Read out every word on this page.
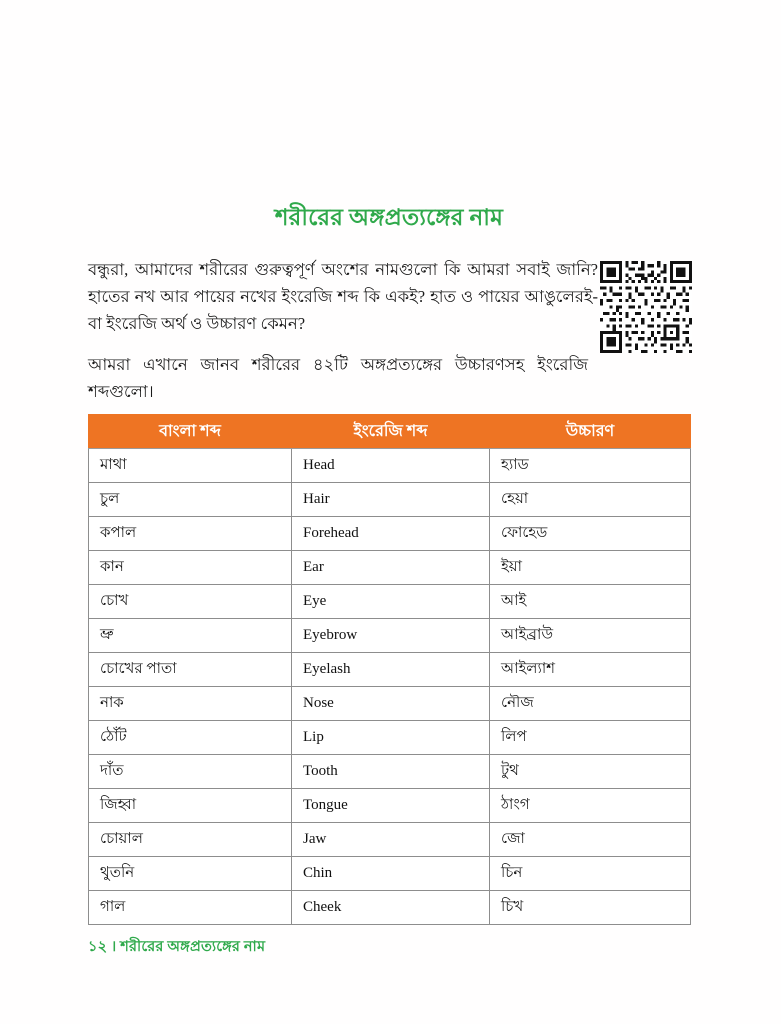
শরীরের অঙ্গপ্রত্যঙ্গের নাম

বন্ধুরা, আমাদের শরীরের গুরুত্বপূর্ণ অংশের নামগুলো কি আমরা সবাই জানি? হাতের নখ আর পায়ের নখের ইংরেজি শব্দ কি একই? হাত ও পায়ের আঙুলেরই-বা ইংরেজি অর্থ ও উচ্চারণ কেমন?

আমরা এখানে জানব শরীরের ৪২টি অঙ্গপ্রত্যঙ্গের উচ্চারণসহ ইংরেজি শব্দগুলো।

বাংলা শব্দ	ইংরেজি শব্দ	উচ্চারণ
মাথা	Head	হ্যাড
চুল	Hair	হেয়া
কপাল	Forehead	ফোহেড
কান	Ear	ইয়া
চোখ	Eye	আই
ভ্রু	Eyebrow	আইব্রাউ
চোখের পাতা	Eyelash	আইল্যাশ
নাক	Nose	নৌজ
ঠোঁট	Lip	লিপ
দাঁত	Tooth	টুথ
জিহ্বা	Tongue	ঠাংগ
চোয়াল	Jaw	জো
থুতনি	Chin	চিন
গাল	Cheek	চিখ
১২ । শরীরের অঙ্গপ্রত্যঙ্গের নাম
